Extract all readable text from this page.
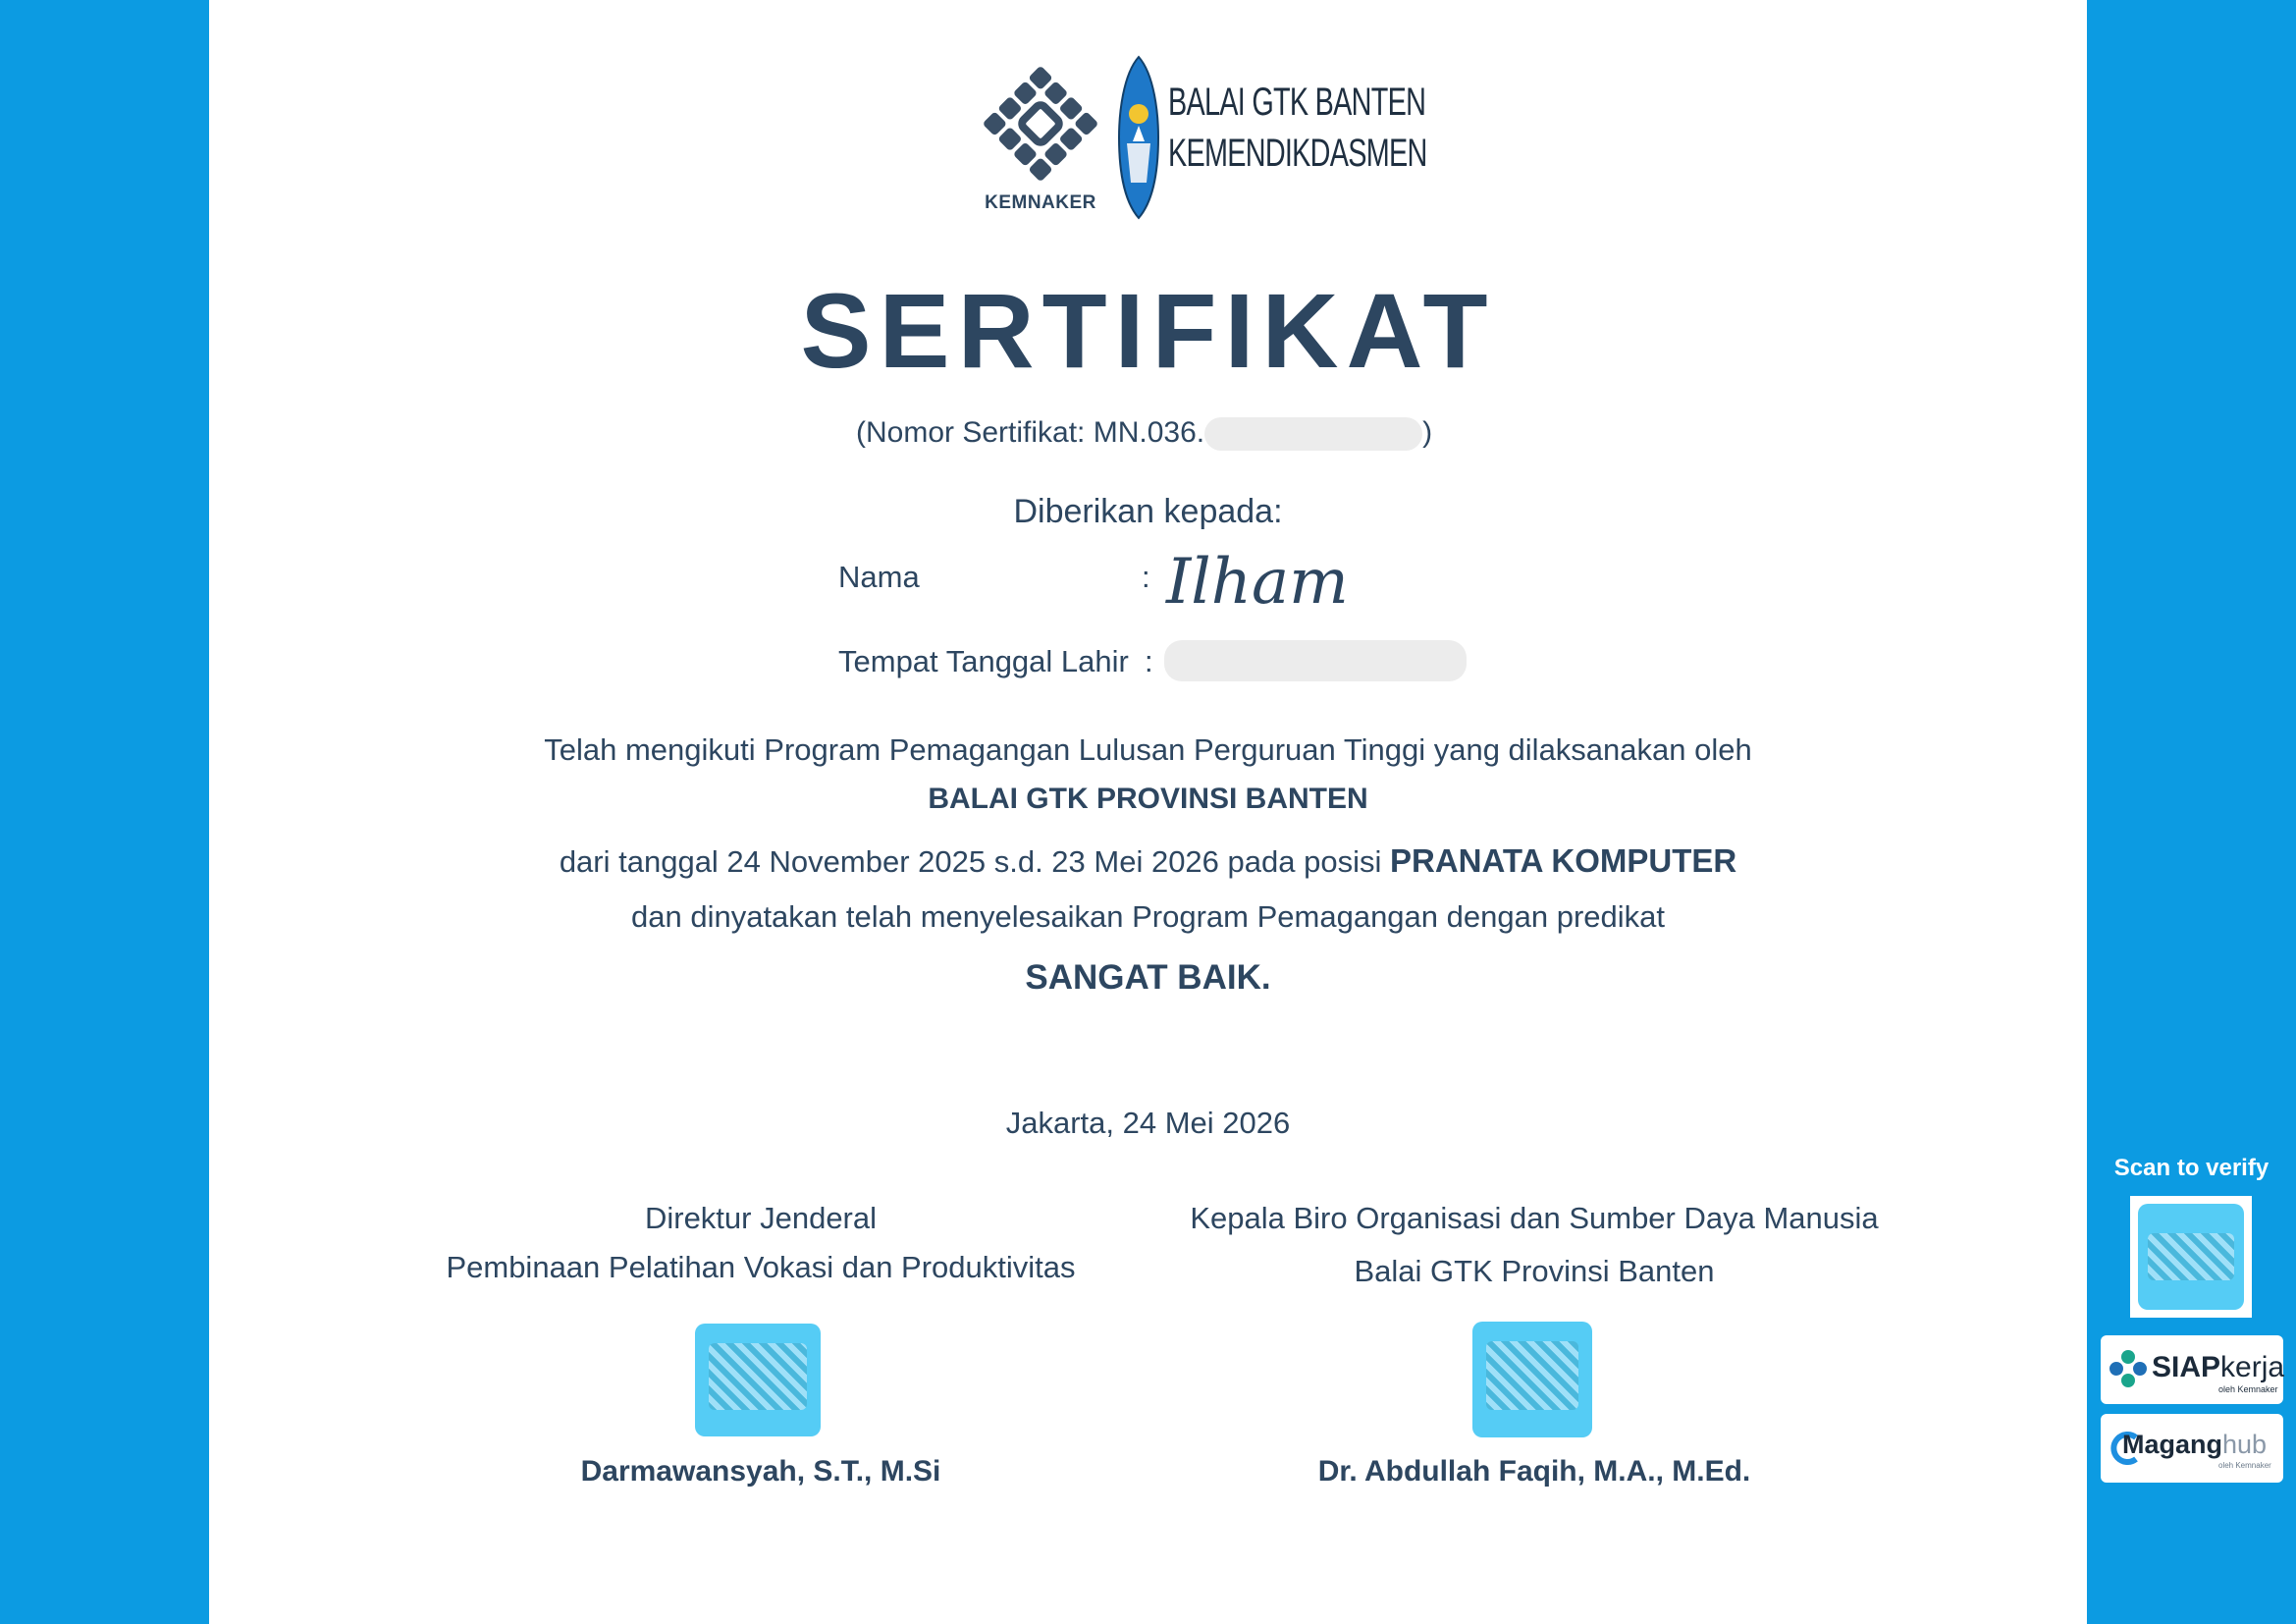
KEMNAKER
BALAI GTK BANTEN
KEMENDIKDASMEN
SERTIFIKAT
(Nomor Sertifikat: MN.036.	)
Diberikan kepada:
Nama	: Ilham
Tempat Tanggal Lahir :
Telah mengikuti Program Pemagangan Lulusan Perguruan Tinggi yang dilaksanakan oleh
BALAI GTK PROVINSI BANTEN
dari tanggal 24 November 2025 s.d. 23 Mei 2026 pada posisi PRANATA KOMPUTER
dan dinyatakan telah menyelesaikan Program Pemagangan dengan predikat
SANGAT BAIK.
Jakarta, 24 Mei 2026
Direktur Jenderal
Pembinaan Pelatihan Vokasi dan Produktivitas
Darmawansyah, S.T., M.Si
Kepala Biro Organisasi dan Sumber Daya Manusia
Balai GTK Provinsi Banten
Dr. Abdullah Faqih, M.A., M.Ed.
Scan to verify
SIAPkerja
oleh Kemnaker
Maganghub
oleh Kemnaker
